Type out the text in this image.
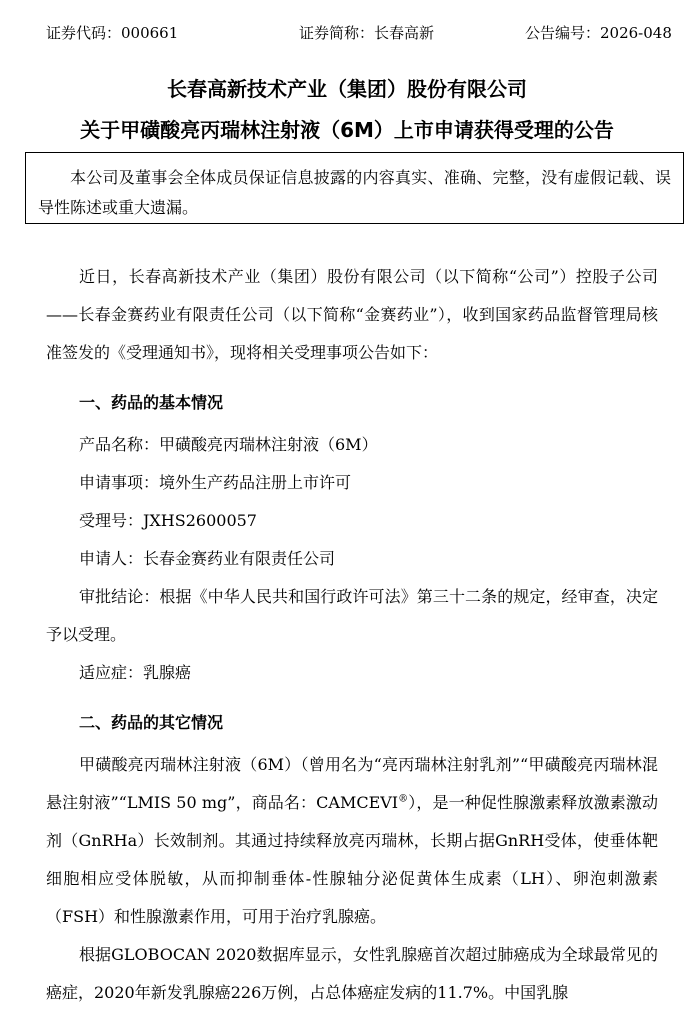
证券代码：000661	证券简称：长春高新	公告编号：2026-048
长春高新技术产业（集团）股份有限公司
关于甲磺酸亮丙瑞林注射液（6M）上市申请获得受理的公告

本公司及董事会全体成员保证信息披露的内容真实、准确、完整，没有虚假记载、误导性陈述或重大遗漏。

近日，长春高新技术产业（集团）股份有限公司（以下简称“公司”）控股子公司——长春金赛药业有限责任公司（以下简称“金赛药业”），收到国家药品监督管理局核准签发的《受理通知书》，现将相关受理事项公告如下：

一、药品的基本情况

产品名称：甲磺酸亮丙瑞林注射液（6M）

申请事项：境外生产药品注册上市许可

受理号：JXHS2600057

申请人：长春金赛药业有限责任公司

审批结论：根据《中华人民共和国行政许可法》第三十二条的规定，经审查，决定予以受理。

适应症：乳腺癌

二、药品的其它情况

甲磺酸亮丙瑞林注射液（6M）（曾用名为“亮丙瑞林注射乳剂”“甲磺酸亮丙瑞林混悬注射液”“LMIS 50 mg”，商品名：CAMCEVI®），是一种促性腺激素释放激素激动剂（GnRHa）长效制剂。其通过持续释放亮丙瑞林，长期占据GnRH受体，使垂体靶细胞相应受体脱敏，从而抑制垂体-性腺轴分泌促黄体生成素（LH）、卵泡刺激素（FSH）和性腺激素作用，可用于治疗乳腺癌。

根据GLOBOCAN 2020数据库显示，女性乳腺癌首次超过肺癌成为全球最常见的癌症，2020年新发乳腺癌226万例，占总体癌症发病的11.7%。中国乳腺
